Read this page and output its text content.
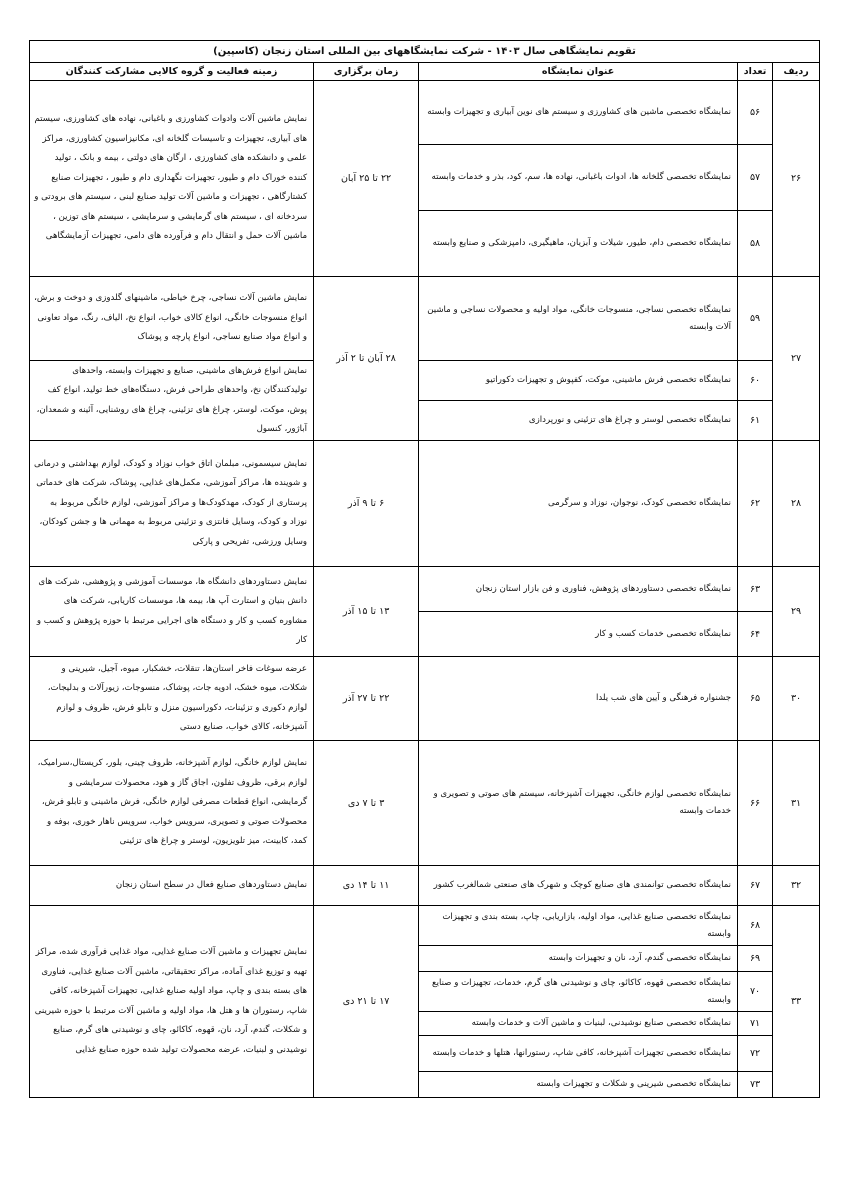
تقویم نمایشگاهی سال ۱۴۰۳ - شرکت نمایشگاههای بین المللی استان زنجان (کاسپین)				
ردیف	تعداد	عنوان نمایشگاه	زمان برگزاری	زمینه فعالیت و گروه کالایی مشارکت کنندگان
۲۶	۵۶	نمایشگاه تخصصی ماشین های کشاورزی و سیستم های نوین آبیاری و تجهیزات وابسته	۲۲ تا ۲۵ آبان	نمایش ماشین آلات وادوات کشاورزی و باغبانی، نهاده های کشاورزی، سیستم های آبیاری، تجهیزات و تاسیسات گلخانه ای، مکانیزاسیون کشاورزی، مراکز علمی و دانشکده های کشاورزی ، ارگان های دولتی ، بیمه و بانک ، تولید کننده خوراک دام و طیور، تجهیزات نگهداری دام و طیور ، تجهیزات صنایع کشتارگاهی ، تجهیزات و ماشین آلات تولید صنایع لبنی ، سیستم های برودتی و سردخانه ای ، سیستم های گرمایشی و سرمایشی ، سیستم های توزین ، ماشین آلات حمل و انتقال دام و فرآورده های دامی، تجهیزات آزمایشگاهی
	۵۷	نمایشگاه تخصصی گلخانه ها، ادوات باغبانی، نهاده ها، سم، کود، بذر و خدمات وابسته		
	۵۸	نمایشگاه تخصصی دام، طیور، شیلات و آبزیان، ماهیگیری، دامپزشکی و صنایع وابسته		
۲۷	۵۹	نمایشگاه تخصصی نساجی، منسوجات خانگی، مواد اولیه و محصولات نساجی و ماشین آلات وابسته	۲۸ آبان تا ۲ آذر	نمایش ماشین آلات نساجی، چرخ خیاطی، ماشینهای گلدوزی و دوخت و برش، انواع منسوجات خانگی، انواع کالای خواب، انواع نخ، الیاف، رنگ، مواد تعاونی و انواع مواد صنایع نساجی، انواع پارچه و پوشاک
	۶۰	نمایشگاه تخصصی فرش ماشینی، موکت، کفپوش و تجهیزات دکوراتیو		نمایش انواع فرش‌های ماشینی، صنایع و تجهیزات وابسته، واحدهای تولیدکنندگان نخ، واحدهای طراحی فرش، دستگاه‌های خط تولید، انواع کف پوش، موکت، لوستر، چراغ های تزئینی، چراغ های روشنایی، آئینه و شمعدان، آباژور، کنسول
	۶۱	نمایشگاه تخصصی لوستر و چراغ های تزئینی و نورپردازی		
۲۸	۶۲	نمایشگاه تخصصی کودک، نوجوان، نوزاد و سرگرمی	۶ تا ۹ آذر	نمایش سیسمونی، مبلمان اتاق خواب نوزاد و کودک، لوازم بهداشتی و درمانی و شوینده ها، مراکز آموزشی، مکمل‌های غذایی، پوشاک، شرکت های خدماتی پرستاری از کودک، مهدکودک‌ها و مراکز آموزشی، لوازم خانگی مربوط به نوزاد و کودک، وسایل فانتزی و تزئینی مربوط به مهمانی ها و جشن کودکان، وسایل ورزشی، تفریحی و پارکی
۲۹	۶۳	نمایشگاه تخصصی دستاوردهای پژوهش، فناوری و فن بازار استان زنجان	۱۳ تا ۱۵ آذر	نمایش دستاوردهای دانشگاه ها، موسسات آموزشی و پژوهشی، شرکت های دانش بنیان و استارت آپ ها، بیمه ها، موسسات کاریابی، شرکت های مشاوره کسب و کار و دستگاه های اجرایی مرتبط با حوزه پژوهش و کسب و کار
	۶۴	نمایشگاه تخصصی خدمات کسب و کار		
۳۰	۶۵	جشنواره فرهنگی و آیین های شب یلدا	۲۲ تا ۲۷ آذر	عرضه سوغات فاخر استان‌ها، تنقلات، خشکبار، میوه، آجیل، شیرینی و شکلات، میوه خشک، ادویه جات، پوشاک، منسوجات، زیورآلات و بدلیجات، لوازم دکوری و تزئینات، دکوراسیون منزل و تابلو فرش، ظروف و لوازم آشپزخانه، کالای خواب، صنایع دستی
۳۱	۶۶	نمایشگاه تخصصی لوازم خانگی، تجهیزات آشپزخانه، سیستم های صوتی و تصویری و خدمات وابسته	۳ تا ۷ دی	نمایش لوازم خانگی، لوازم آشپزخانه، ظروف چینی، بلور، کریستال،سرامیک، لوازم برقی، ظروف تفلون، اجاق گاز و هود، محصولات سرمایشی و گرمایشی، انواع قطعات مصرفی لوازم خانگی، فرش ماشینی و تابلو فرش، محصولات صوتی و تصویری، سرویس خواب، سرویس ناهار خوری، بوفه و کمد، کابینت، میز تلویزیون، لوستر و چراغ های تزئینی
۳۲	۶۷	نمایشگاه تخصصی توانمندی های صنایع کوچک و شهرک های صنعتی شمالغرب کشور	۱۱ تا ۱۴ دی	نمایش دستاوردهای صنایع فعال در سطح استان زنجان
۳۳	۶۸	نمایشگاه تخصصی صنایع غذایی، مواد اولیه، بازاریابی، چاپ، بسته بندی و تجهیزات وابسته	۱۷ تا ۲۱ دی	نمایش تجهیزات و ماشین آلات صنایع غذایی، مواد غذایی فرآوری شده، مراکز تهیه و توزیع غذای آماده، مراکز تحقیقاتی، ماشین آلات صنایع غذایی، فناوری های بسته بندی و چاپ، مواد اولیه صنایع غذایی، تجهیزات آشپزخانه، کافی شاپ، رستوران ها و هتل ها، مواد اولیه و ماشین آلات مرتبط با حوزه شیرینی و شکلات، گندم، آرد، نان، قهوه، کاکائو، چای و نوشیدنی های گرم، صنایع نوشیدنی و لبنیات، عرضه محصولات تولید شده حوزه صنایع غذایی
	۶۹	نمایشگاه تخصصی گندم، آرد، نان و تجهیزات وابسته		
	۷۰	نمایشگاه تخصصی قهوه، کاکائو، چای و نوشیدنی های گرم، خدمات، تجهیزات و صنایع وابسته		
	۷۱	نمایشگاه تخصصی صنایع نوشیدنی، لبنیات و ماشین آلات و خدمات وابسته		
	۷۲	نمایشگاه تخصصی تجهیزات آشپزخانه، کافی شاپ، رستورانها، هتلها و خدمات وابسته		
	۷۳	نمایشگاه تخصصی شیرینی و شکلات و تجهیزات وابسته		
